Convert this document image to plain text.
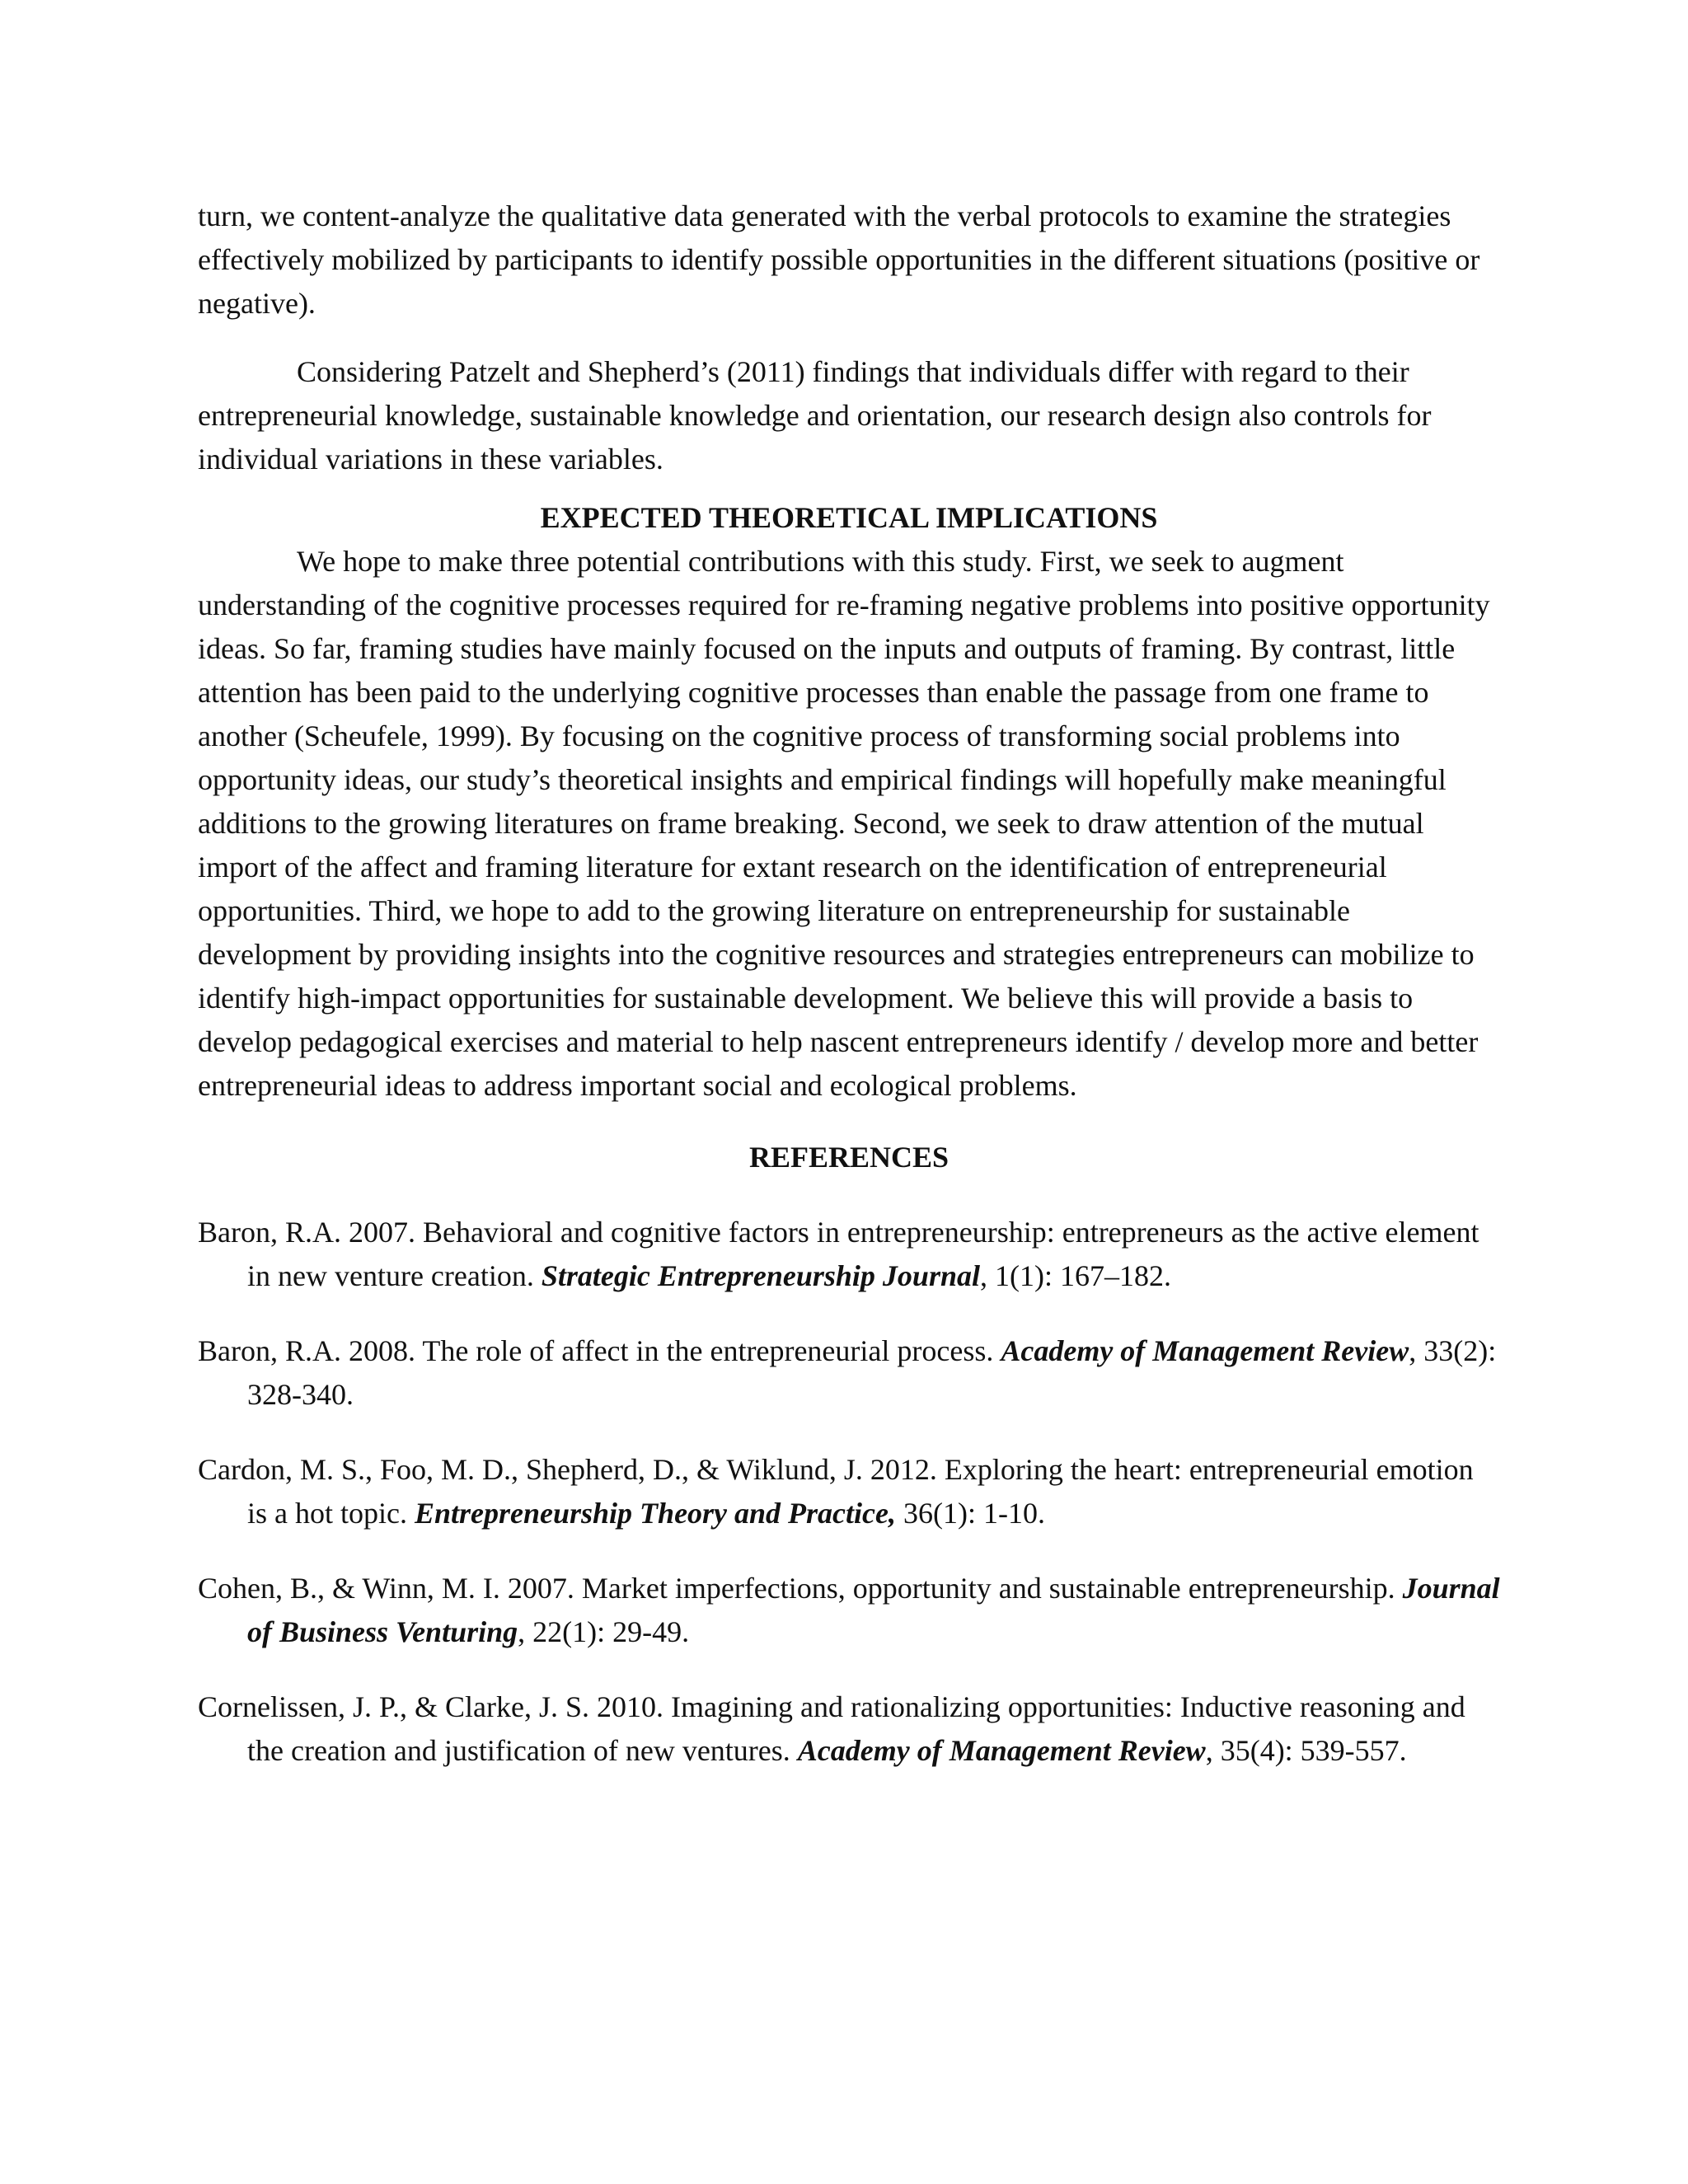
turn, we content-analyze the qualitative data generated with the verbal protocols to examine the strategies effectively mobilized by participants to identify possible opportunities in the different situations (positive or negative).

Considering Patzelt and Shepherd’s (2011) findings that individuals differ with regard to their entrepreneurial knowledge, sustainable knowledge and orientation, our research design also controls for individual variations in these variables.

EXPECTED THEORETICAL IMPLICATIONS

We hope to make three potential contributions with this study. First, we seek to augment understanding of the cognitive processes required for re-framing negative problems into positive opportunity ideas. So far, framing studies have mainly focused on the inputs and outputs of framing. By contrast, little attention has been paid to the underlying cognitive processes than enable the passage from one frame to another (Scheufele, 1999). By focusing on the cognitive process of transforming social problems into opportunity ideas, our study’s theoretical insights and empirical findings will hopefully make meaningful additions to the growing literatures on frame breaking. Second, we seek to draw attention of the mutual import of the affect and framing literature for extant research on the identification of entrepreneurial opportunities. Third, we hope to add to the growing literature on entrepreneurship for sustainable development by providing insights into the cognitive resources and strategies entrepreneurs can mobilize to identify high-impact opportunities for sustainable development. We believe this will provide a basis to develop pedagogical exercises and material to help nascent entrepreneurs identify / develop more and better entrepreneurial ideas to address important social and ecological problems.

REFERENCES

Baron, R.A. 2007. Behavioral and cognitive factors in entrepreneurship: entrepreneurs as the active element in new venture creation. Strategic Entrepreneurship Journal, 1(1): 167–182.

Baron, R.A. 2008. The role of affect in the entrepreneurial process. Academy of Management Review, 33(2): 328-340.

Cardon, M. S., Foo, M. D., Shepherd, D., & Wiklund, J. 2012. Exploring the heart: entrepreneurial emotion is a hot topic. Entrepreneurship Theory and Practice, 36(1): 1-10.

Cohen, B., & Winn, M. I. 2007. Market imperfections, opportunity and sustainable entrepreneurship. Journal of Business Venturing, 22(1): 29-49.

Cornelissen, J. P., & Clarke, J. S. 2010. Imagining and rationalizing opportunities: Inductive reasoning and the creation and justification of new ventures. Academy of Management Review, 35(4): 539-557.
